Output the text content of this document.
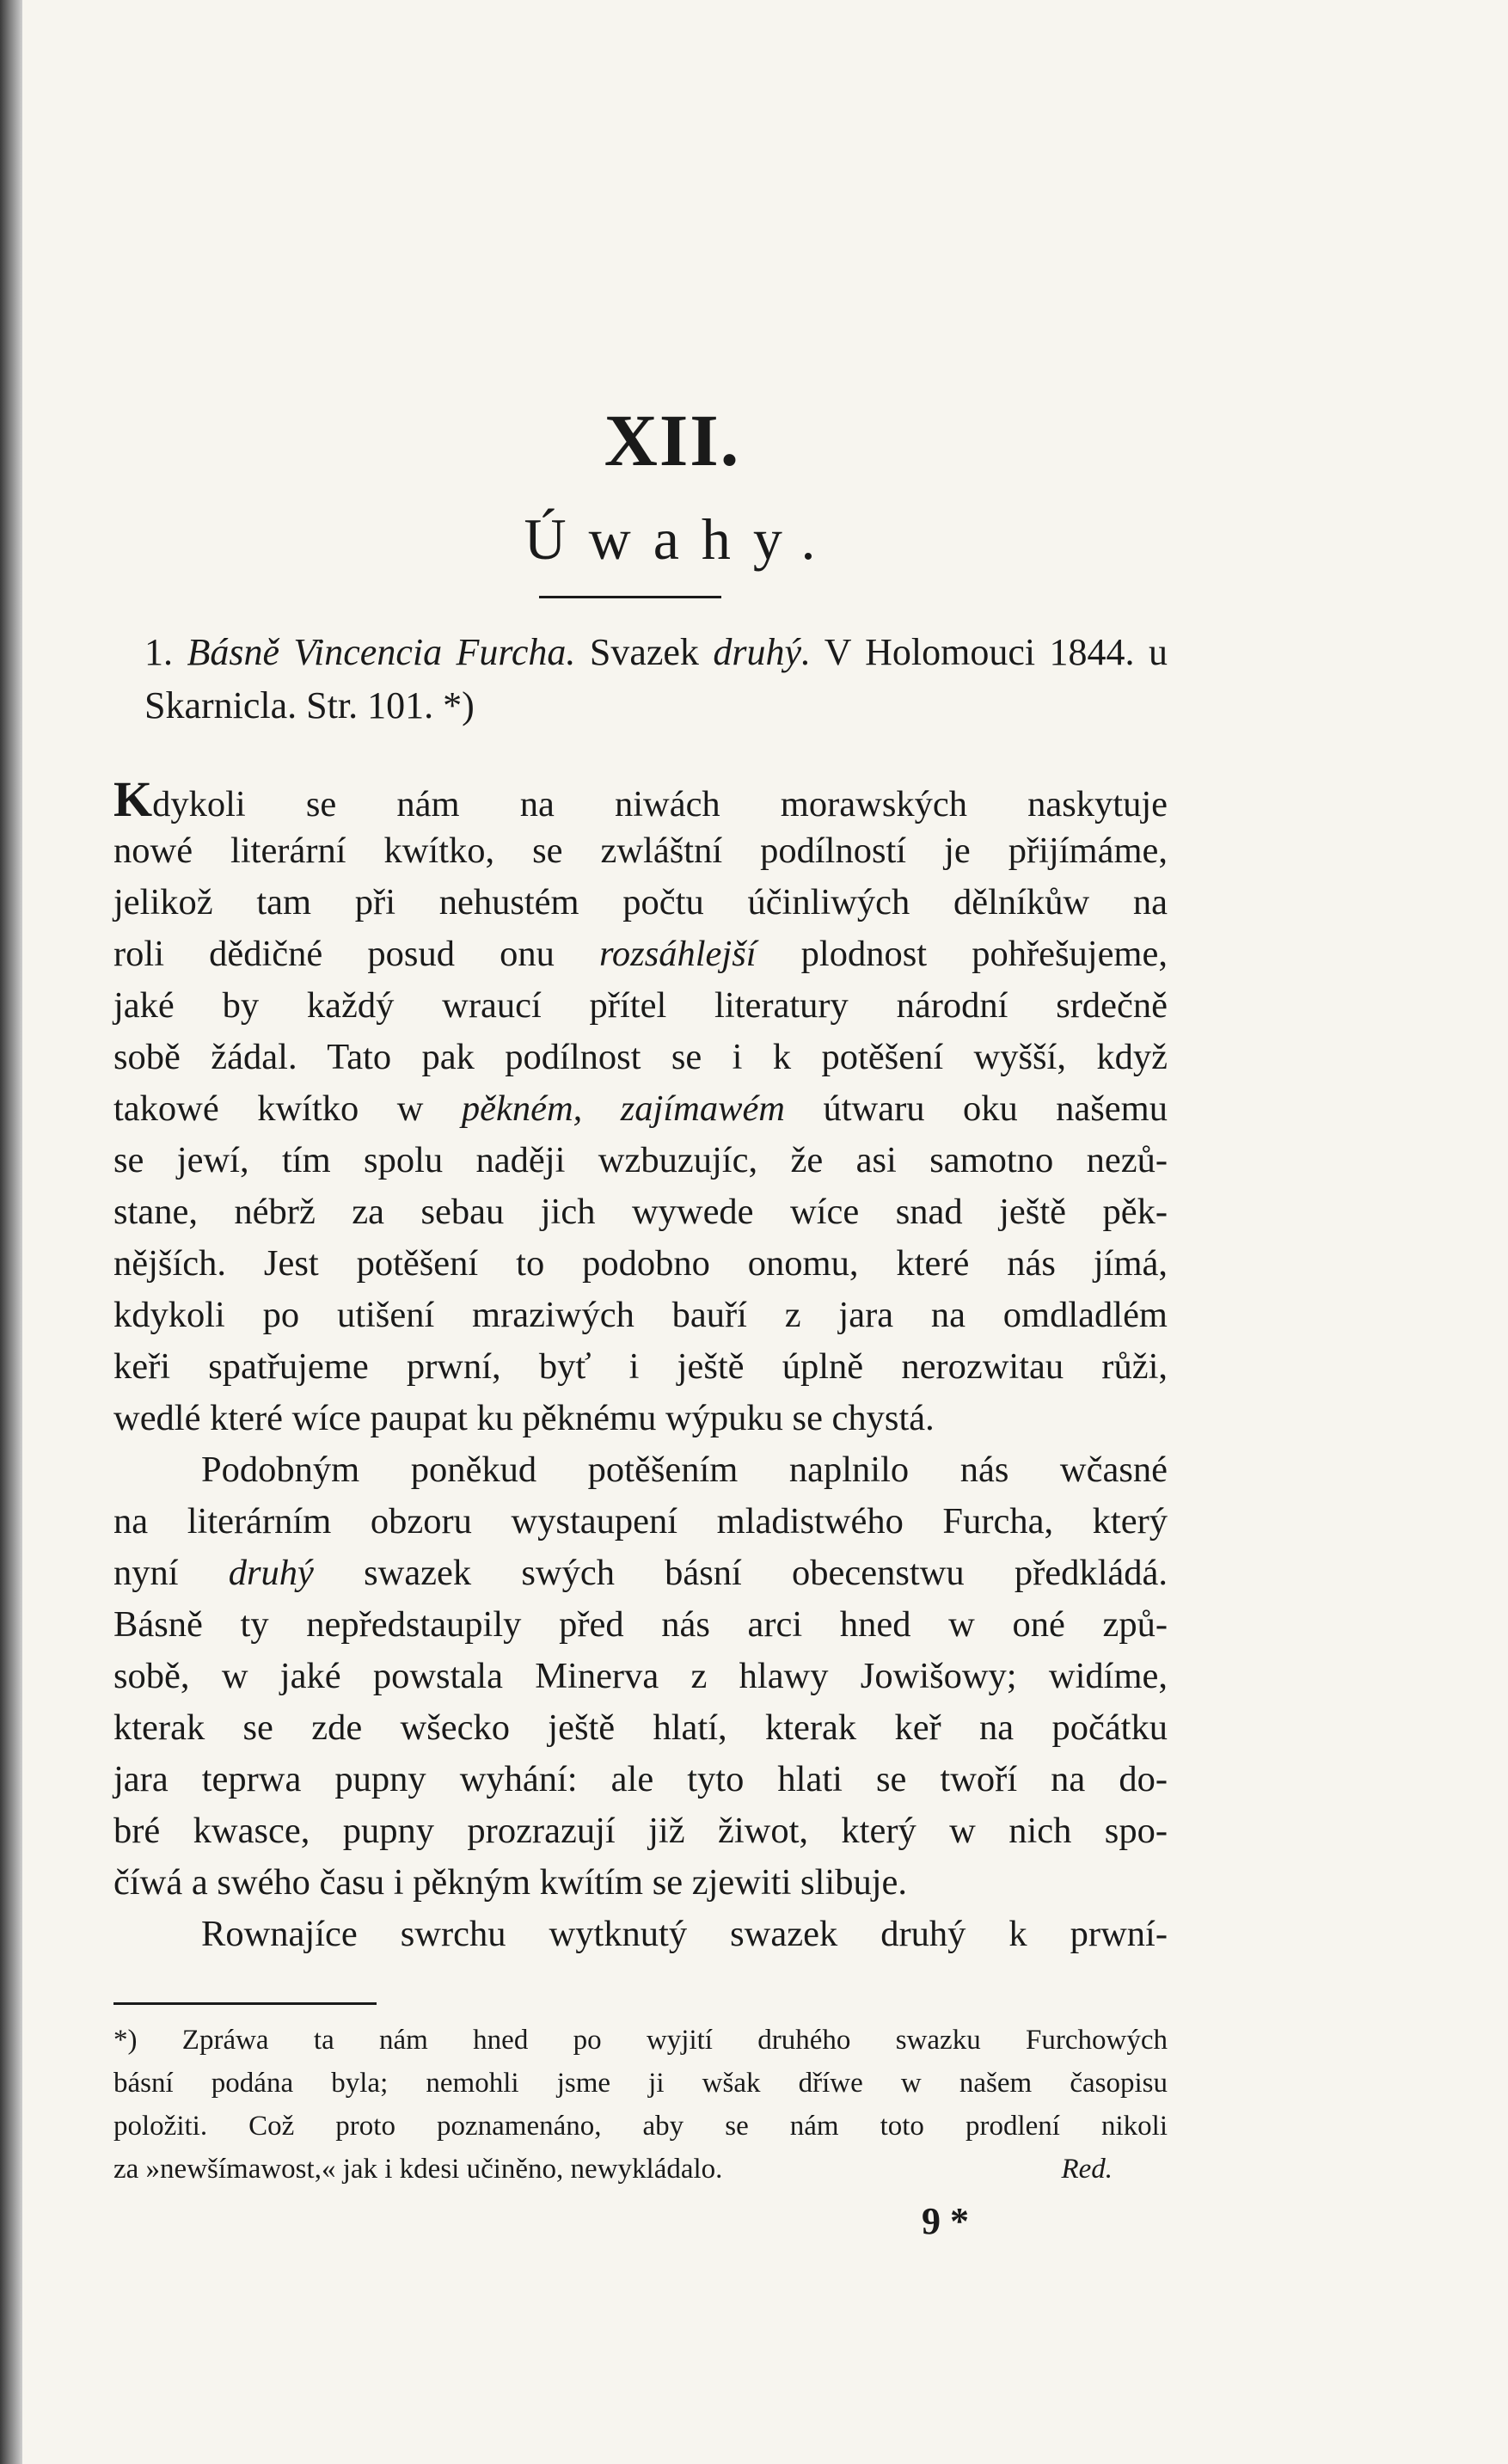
XII.
Úwahy.
1. Básně Vincencia Furcha. Svazek druhý. V Holomouci 1844. u Skarnicla. Str. 101. *)
Kdykoli se nám na niwách morawských naskytuje
nowé literární kwítko, se zwláštní podílností je přijímáme,
jelikož tam při nehustém počtu účinliwých dělníkůw na
roli dědičné posud onu rozsáhlejší plodnost pohřešujeme,
jaké by každý wraucí přítel literatury národní srdečně
sobě žádal. Tato pak podílnost se i k potěšení wyšší, když
takowé kwítko w pěkném, zajímawém útwaru oku našemu
se jewí, tím spolu naději wzbuzujíc, že asi samotno nezů-
stane, nébrž za sebau jich wywede wíce snad ještě pěk-
nějších. Jest potěšení to podobno onomu, které nás jímá,
kdykoli po utišení mraziwých bauří z jara na omdladlém
keři spatřujeme prwní, byť i ještě úplně nerozwitau růži,
wedlé které wíce paupat ku pěknému wýpuku se chystá.
Podobným poněkud potěšením naplnilo nás wčasné
na literárním obzoru wystaupení mladistwého Furcha, který
nyní druhý swazek swých básní obecenstwu předkládá.
Básně ty nepředstaupily před nás arci hned w oné způ-
sobě, w jaké powstala Minerva z hlawy Jowišowy; widíme,
kterak se zde wšecko ještě hlatí, kterak keř na počátku
jara teprwa pupny wyhání: ale tyto hlati se twoří na do-
bré kwasce, pupny prozrazují již žiwot, který w nich spo-
číwá a swého času i pěkným kwítím se zjewiti slibuje.
Rownajíce swrchu wytknutý swazek druhý k prwní-
*) Zpráwa ta nám hned po wyjití druhého swazku Furchowých
básní podána byla; nemohli jsme ji wšak dříwe w našem časopisu
položiti. Což proto poznamenáno, aby se nám toto prodlení nikoli
za »newšímawost,« jak i kdesi učiněno, newykládalo.	Red.
9 *
